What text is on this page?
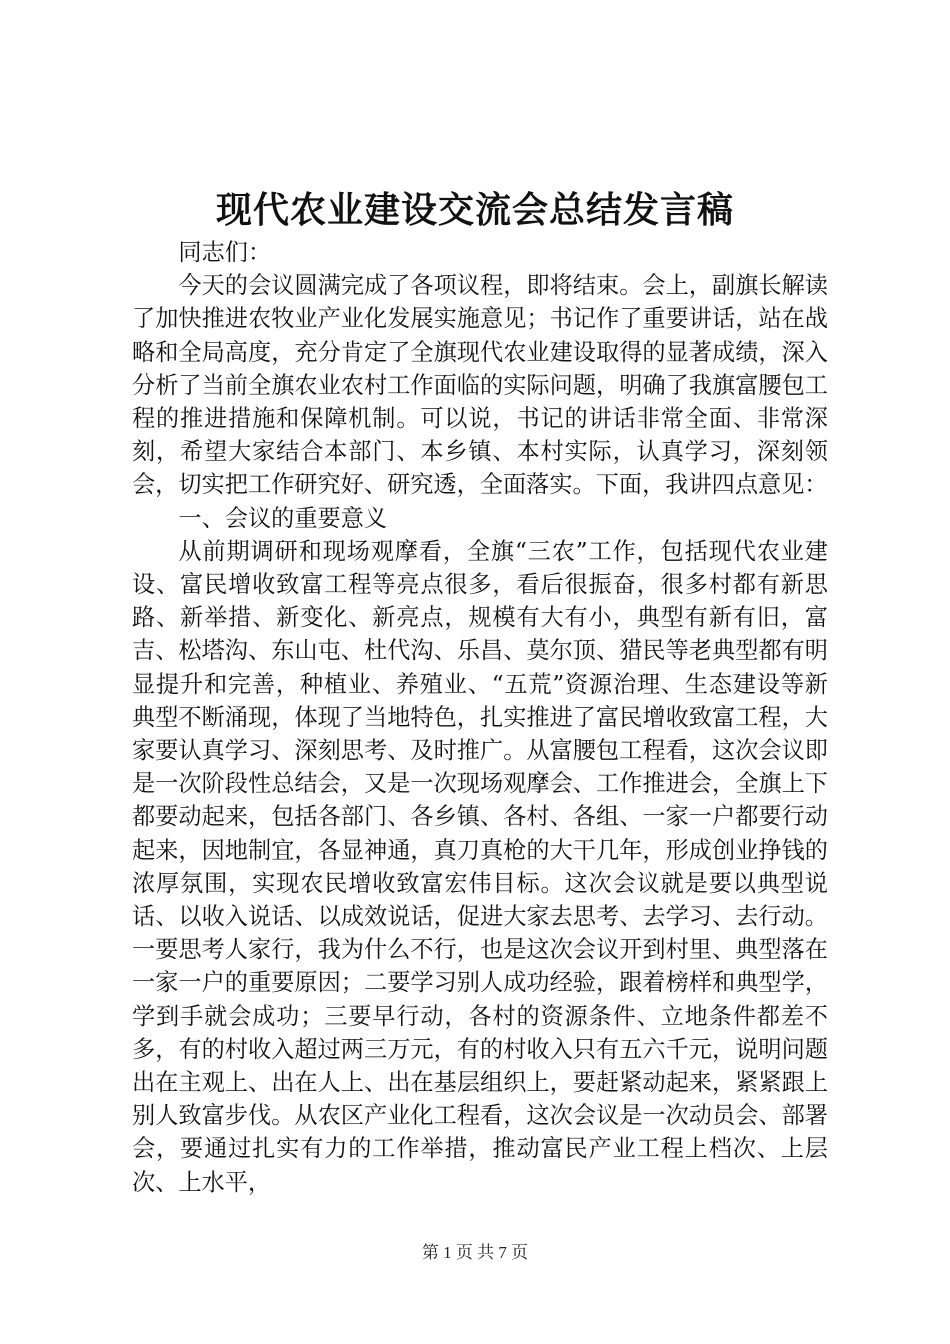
现代农业建设交流会总结发言稿

同志们：

今天的会议圆满完成了各项议程，即将结束。会上，副旗长解读了加快推进农牧业产业化发展实施意见；书记作了重要讲话，站在战略和全局高度，充分肯定了全旗现代农业建设取得的显著成绩，深入分析了当前全旗农业农村工作面临的实际问题，明确了我旗富腰包工程的推进措施和保障机制。可以说，书记的讲话非常全面、非常深刻，希望大家结合本部门、本乡镇、本村实际，认真学习，深刻领会，切实把工作研究好、研究透，全面落实。下面，我讲四点意见：

一、会议的重要意义

从前期调研和现场观摩看，全旗“三农”工作，包括现代农业建设、富民增收致富工程等亮点很多，看后很振奋，很多村都有新思路、新举措、新变化、新亮点，规模有大有小，典型有新有旧，富吉、松塔沟、东山屯、杜代沟、乐昌、莫尔顶、猎民等老典型都有明显提升和完善，种植业、养殖业、“五荒”资源治理、生态建设等新典型不断涌现，体现了当地特色，扎实推进了富民增收致富工程，大家要认真学习、深刻思考、及时推广。从富腰包工程看，这次会议即是一次阶段性总结会，又是一次现场观摩会、工作推进会，全旗上下都要动起来，包括各部门、各乡镇、各村、各组、一家一户都要行动起来，因地制宜，各显神通，真刀真枪的大干几年，形成创业挣钱的浓厚氛围，实现农民增收致富宏伟目标。这次会议就是要以典型说话、以收入说话、以成效说话，促进大家去思考、去学习、去行动。一要思考人家行，我为什么不行，也是这次会议开到村里、典型落在一家一户的重要原因；二要学习别人成功经验，跟着榜样和典型学，学到手就会成功；三要早行动，各村的资源条件、立地条件都差不多，有的村收入超过两三万元，有的村收入只有五六千元，说明问题出在主观上、出在人上、出在基层组织上，要赶紧动起来，紧紧跟上别人致富步伐。从农区产业化工程看，这次会议是一次动员会、部署会，要通过扎实有力的工作举措，推动富民产业工程上档次、上层次、上水平，

第 1 页 共 7 页
